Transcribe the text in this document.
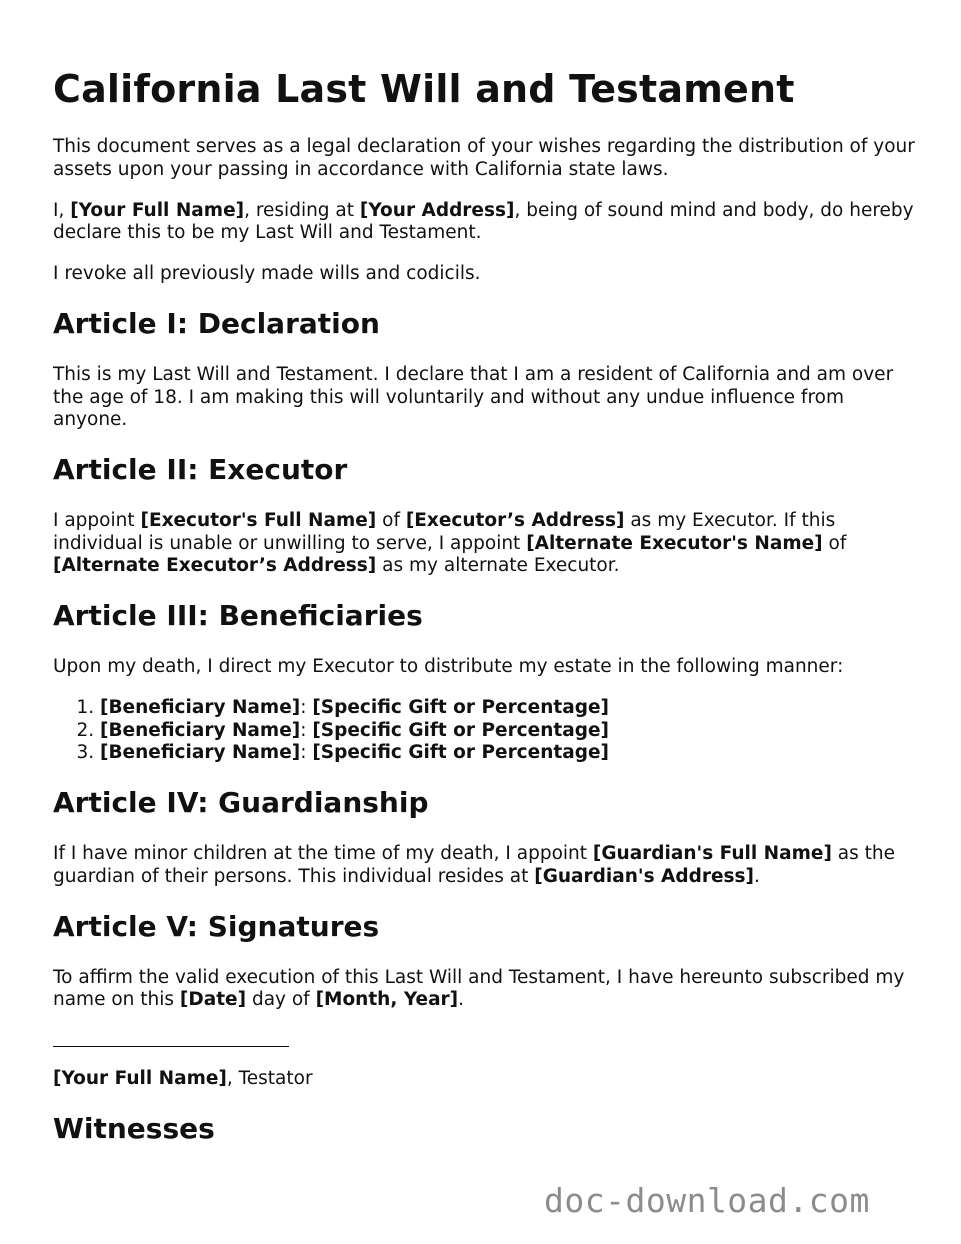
California Last Will and Testament

This document serves as a legal declaration of your wishes regarding the distribution of your assets upon your passing in accordance with California state laws.

I, [Your Full Name], residing at [Your Address], being of sound mind and body, do hereby declare this to be my Last Will and Testament.

I revoke all previously made wills and codicils.

Article I: Declaration

This is my Last Will and Testament. I declare that I am a resident of California and am over the age of 18. I am making this will voluntarily and without any undue influence from anyone.

Article II: Executor

I appoint [Executor's Full Name] of [Executor’s Address] as my Executor. If this individual is unable or unwilling to serve, I appoint [Alternate Executor's Name] of [Alternate Executor’s Address] as my alternate Executor.

Article III: Beneficiaries

Upon my death, I direct my Executor to distribute my estate in the following manner:

1. [Beneficiary Name]: [Specific Gift or Percentage]
2. [Beneficiary Name]: [Specific Gift or Percentage]
3. [Beneficiary Name]: [Specific Gift or Percentage]
Article IV: Guardianship

If I have minor children at the time of my death, I appoint [Guardian's Full Name] as the guardian of their persons. This individual resides at [Guardian's Address].

Article V: Signatures

To affirm the valid execution of this Last Will and Testament, I have hereunto subscribed my name on this [Date] day of [Month, Year].

[Your Full Name], Testator

Witnesses
doc-download.com
